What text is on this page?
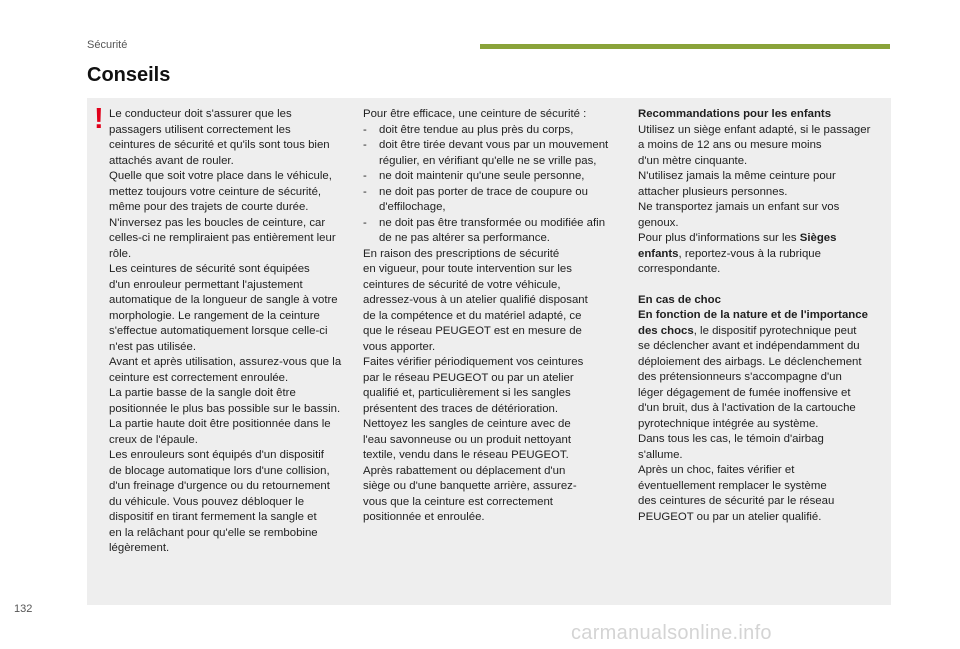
Sécurité
Conseils
! Le conducteur doit s'assurer que les

passagers utilisent correctement les

ceintures de sécurité et qu'ils sont tous bien

attachés avant de rouler.

Quelle que soit votre place dans le véhicule,

mettez toujours votre ceinture de sécurité,

même pour des trajets de courte durée.

N'inversez pas les boucles de ceinture, car

celles-ci ne rempliraient pas entièrement leur

rôle.

Les ceintures de sécurité sont équipées

d'un enrouleur permettant l'ajustement

automatique de la longueur de sangle à votre

morphologie. Le rangement de la ceinture

s'effectue automatiquement lorsque celle-ci

n'est pas utilisée.

Avant et après utilisation, assurez-vous que la

ceinture est correctement enroulée.

La partie basse de la sangle doit être

positionnée le plus bas possible sur le bassin.

La partie haute doit être positionnée dans le

creux de l'épaule.

Les enrouleurs sont équipés d'un dispositif

de blocage automatique lors d'une collision,

d'un freinage d'urgence ou du retournement

du véhicule. Vous pouvez débloquer le

dispositif en tirant fermement la sangle et

en la relâchant pour qu'elle se rembobine

légèrement.

Pour être efficace, une ceinture de sécurité :

- doit être tendue au plus près du corps,

- doit être tirée devant vous par un mouvement régulier, en vérifiant qu'elle ne se vrille pas,

- ne doit maintenir qu'une seule personne,

- ne doit pas porter de trace de coupure ou d'effilochage,

- ne doit pas être transformée ou modifiée afin de ne pas altérer sa performance.

En raison des prescriptions de sécurité

en vigueur, pour toute intervention sur les

ceintures de sécurité de votre véhicule,

adressez-vous à un atelier qualifié disposant

de la compétence et du matériel adapté, ce

que le réseau PEUGEOT est en mesure de

vous apporter.

Faites vérifier périodiquement vos ceintures

par le réseau PEUGEOT ou par un atelier

qualifié et, particulièrement si les sangles

présentent des traces de détérioration.

Nettoyez les sangles de ceinture avec de

l'eau savonneuse ou un produit nettoyant

textile, vendu dans le réseau PEUGEOT.

Après rabattement ou déplacement d'un

siège ou d'une banquette arrière, assurez-

vous que la ceinture est correctement

positionnée et enroulée.

Recommandations pour les enfants

Utilisez un siège enfant adapté, si le passager

a moins de 12 ans ou mesure moins

d'un mètre cinquante.

N'utilisez jamais la même ceinture pour

attacher plusieurs personnes.

Ne transportez jamais un enfant sur vos

genoux.

Pour plus d'informations sur les Sièges
enfants, reportez-vous à la rubrique
correspondante.

En cas de choc

En fonction de la nature et de l'importance

des chocs, le dispositif pyrotechnique peut

se déclencher avant et indépendamment du

déploiement des airbags. Le déclenchement

des prétensionneurs s'accompagne d'un

léger dégagement de fumée inoffensive et

d'un bruit, dus à l'activation de la cartouche

pyrotechnique intégrée au système.

Dans tous les cas, le témoin d'airbag

s'allume.

Après un choc, faites vérifier et

éventuellement remplacer le système

des ceintures de sécurité par le réseau

PEUGEOT ou par un atelier qualifié.

132
carmanualsonline.info
